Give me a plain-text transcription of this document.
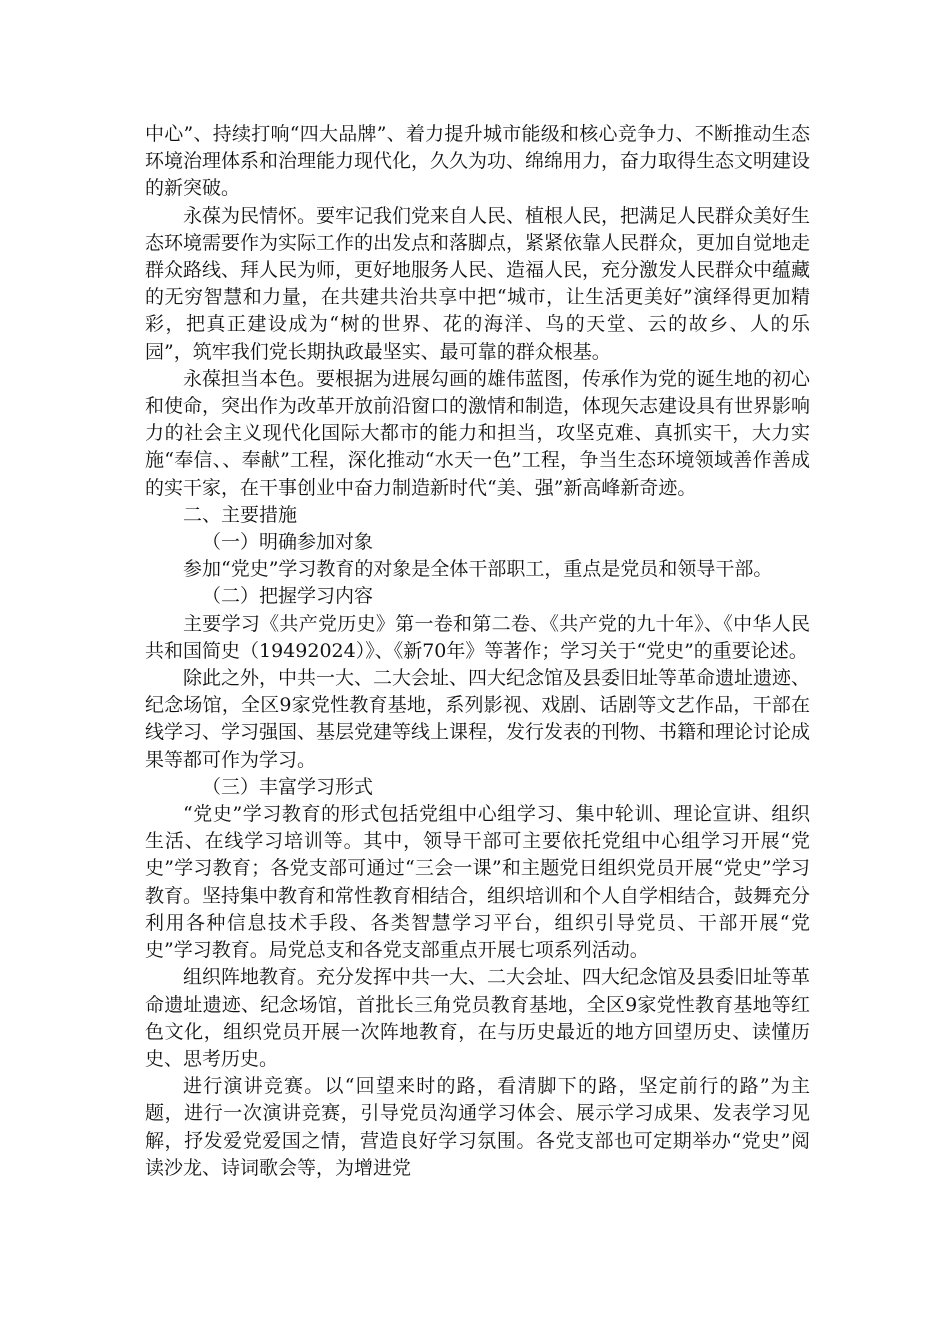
中心”、持续打响“四大品牌”、着力提升城市能级和核心竞争力、不断推动生态环境治理体系和治理能力现代化，久久为功、绵绵用力，奋力取得生态文明建设的新突破。

永葆为民情怀。要牢记我们党来自人民、植根人民，把满足人民群众美好生态环境需要作为实际工作的出发点和落脚点，紧紧依靠人民群众，更加自觉地走群众路线、拜人民为师，更好地服务人民、造福人民，充分激发人民群众中蕴藏的无穷智慧和力量，在共建共治共享中把“城市，让生活更美好”演绎得更加精彩，把真正建设成为“树的世界、花的海洋、鸟的天堂、云的故乡、人的乐园”，筑牢我们党长期执政最坚实、最可靠的群众根基。

永葆担当本色。要根据为进展勾画的雄伟蓝图，传承作为党的诞生地的初心和使命，突出作为改革开放前沿窗口的激情和制造，体现矢志建设具有世界影响力的社会主义现代化国际大都市的能力和担当，攻坚克难、真抓实干，大力实施“奉信、、奉献”工程，深化推动“水天一色”工程，争当生态环境领域善作善成的实干家，在干事创业中奋力制造新时代“美、强”新高峰新奇迹。

二、主要措施

（一）明确参加对象

参加“党史”学习教育的对象是全体干部职工，重点是党员和领导干部。

（二）把握学习内容

主要学习《共产党历史》第一卷和第二卷、《共产党的九十年》、《中华人民共和国简史（19492024）》、《新70年》等著作；学习关于“党史”的重要论述。

除此之外，中共一大、二大会址、四大纪念馆及县委旧址等革命遗址遗迹、纪念场馆，全区9家党性教育基地，系列影视、戏剧、话剧等文艺作品，干部在线学习、学习强国、基层党建等线上课程，发行发表的刊物、书籍和理论讨论成果等都可作为学习。

（三）丰富学习形式

“党史”学习教育的形式包括党组中心组学习、集中轮训、理论宣讲、组织生活、在线学习培训等。其中，领导干部可主要依托党组中心组学习开展“党史”学习教育；各党支部可通过“三会一课”和主题党日组织党员开展“党史”学习教育。坚持集中教育和常性教育相结合，组织培训和个人自学相结合，鼓舞充分利用各种信息技术手段、各类智慧学习平台，组织引导党员、干部开展“党史”学习教育。局党总支和各党支部重点开展七项系列活动。

组织阵地教育。充分发挥中共一大、二大会址、四大纪念馆及县委旧址等革命遗址遗迹、纪念场馆，首批长三角党员教育基地，全区9家党性教育基地等红色文化，组织党员开展一次阵地教育，在与历史最近的地方回望历史、读懂历史、思考历史。

进行演讲竞赛。以“回望来时的路，看清脚下的路，坚定前行的路”为主题，进行一次演讲竞赛，引导党员沟通学习体会、展示学习成果、发表学习见解，抒发爱党爱国之情，营造良好学习氛围。各党支部也可定期举办“党史”阅读沙龙、诗词歌会等，为增进党
